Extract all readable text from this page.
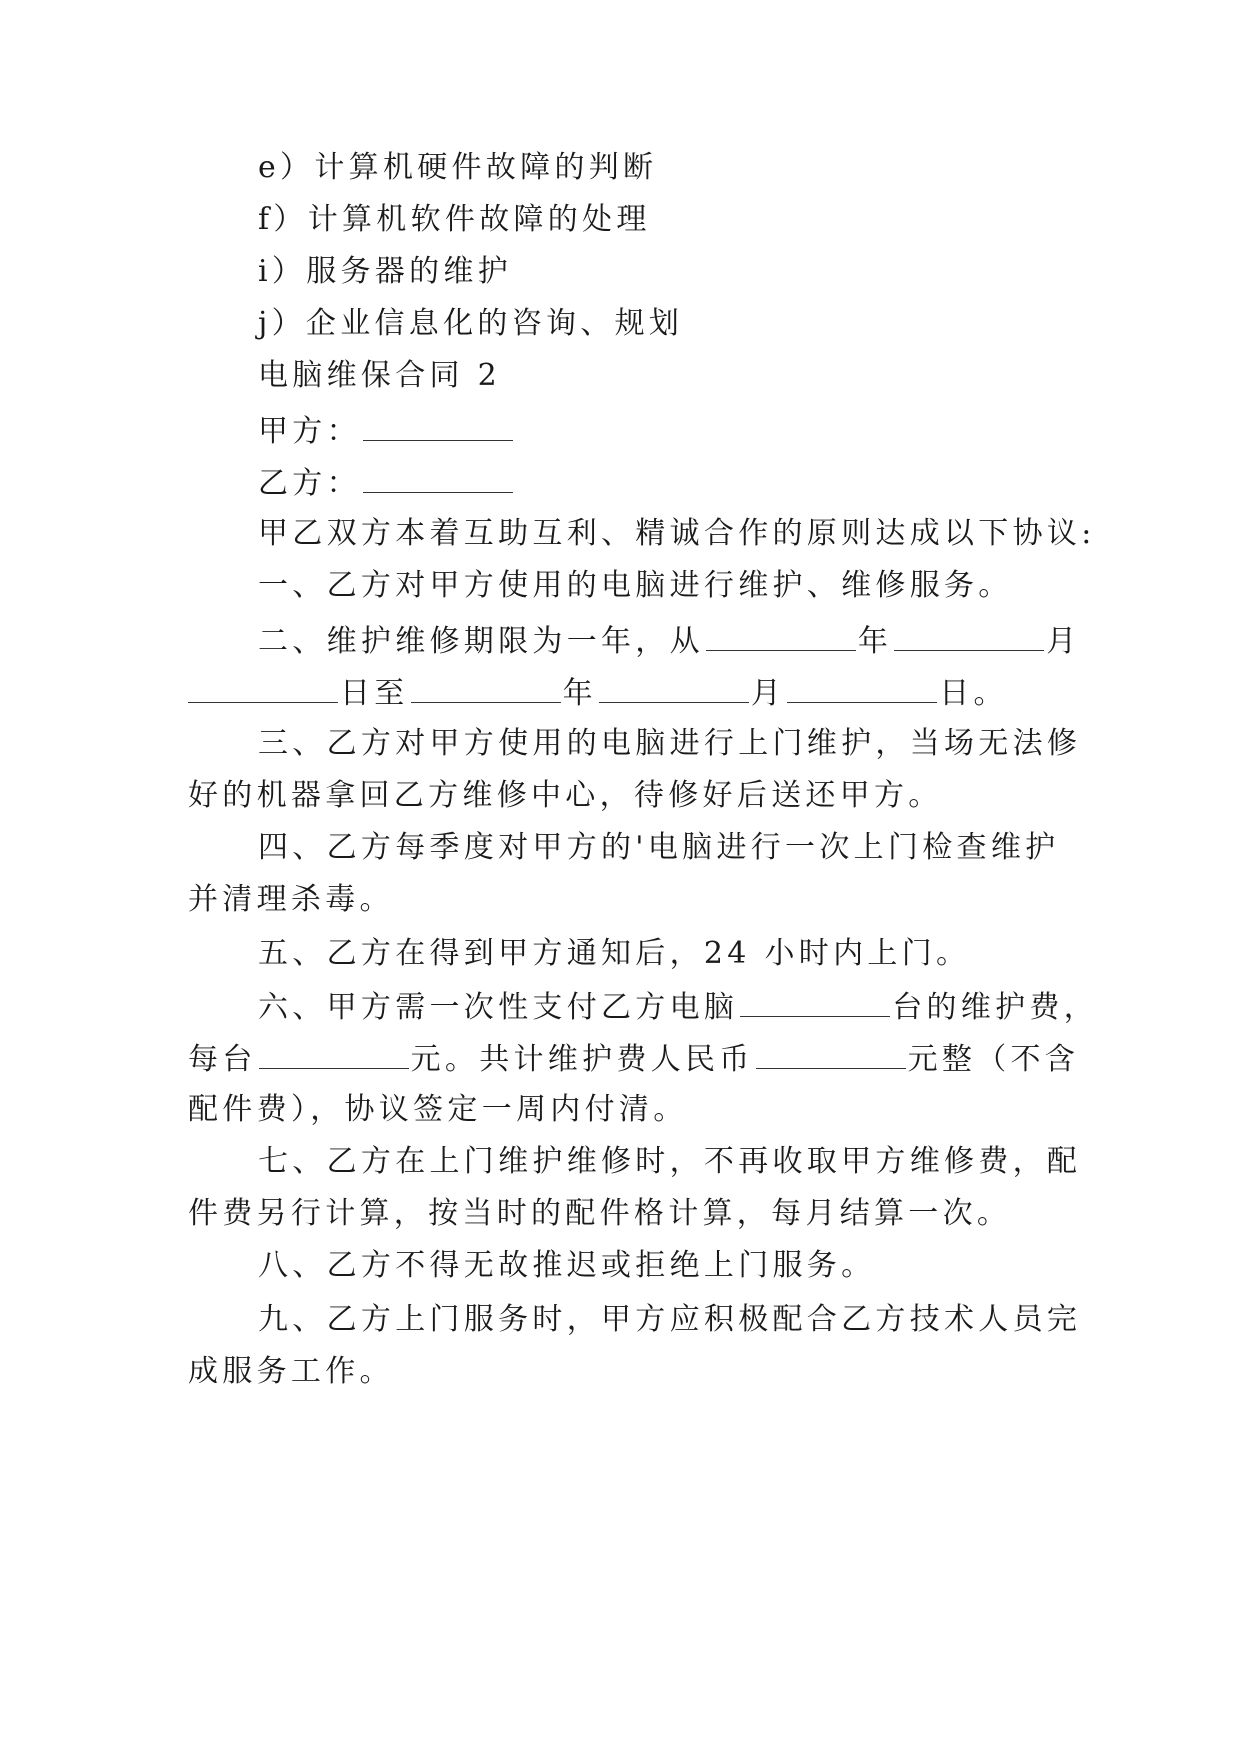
e）计算机硬件故障的判断
f）计算机软件故障的处理
i）服务器的维护
j）企业信息化的咨询、规划
电脑维保合同 2
甲方：
乙方：
甲乙双方本着互助互利、精诚合作的原则达成以下协议:
一、乙方对甲方使用的电脑进行维护、维修服务。
二、维护维修期限为一年，从	年	月
日至	年	月	日。
三、乙方对甲方使用的电脑进行上门维护，当场无法修
好的机器拿回乙方维修中心，待修好后送还甲方。
四、乙方每季度对甲方的'电脑进行一次上门检查维护
并清理杀毒。
五、乙方在得到甲方通知后，24 小时内上门。
六、甲方需一次性支付乙方电脑	台的维护费，
每台	元。共计维护费人民币	元整（不含
配件费），协议签定一周内付清。
七、乙方在上门维护维修时，不再收取甲方维修费，配
件费另行计算，按当时的配件格计算，每月结算一次。
八、乙方不得无故推迟或拒绝上门服务。
九、乙方上门服务时，甲方应积极配合乙方技术人员完
成服务工作。
